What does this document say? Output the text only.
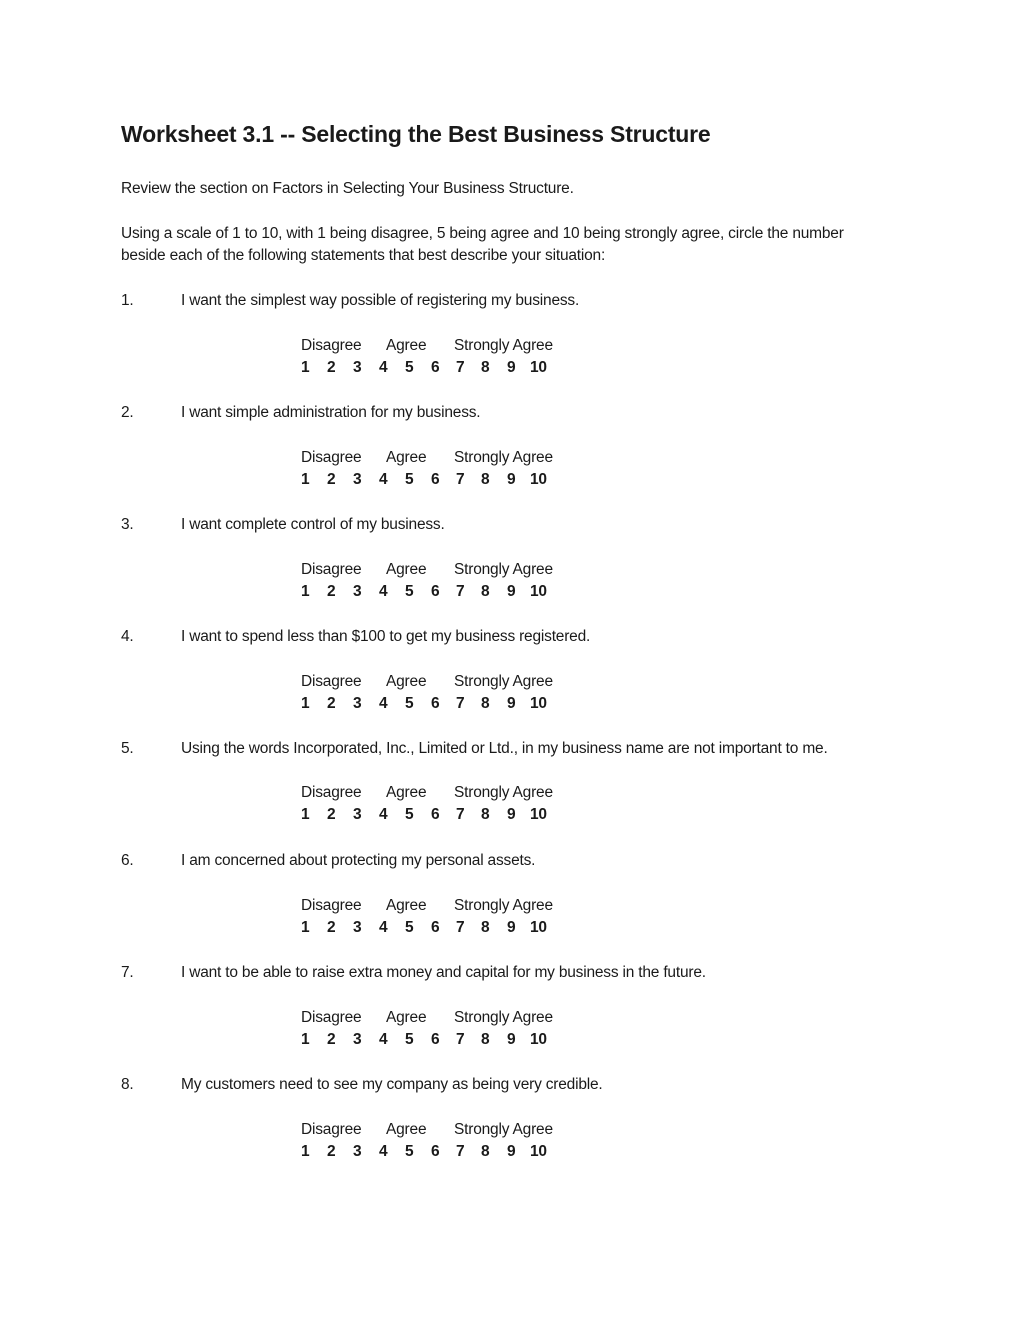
Worksheet 3.1 -- Selecting the Best Business Structure
Review the section on Factors in Selecting Your Business Structure.
Using a scale of 1 to 10, with 1 being disagree, 5 being agree and 10 being strongly agree, circle the number beside each of the following statements that best describe your situation:
1.	I want the simplest way possible of registering my business.
Disagree Agree Strongly Agree
1 2 3 4 5 6 7 8 9 10
2.	I want simple administration for my business.
Disagree Agree Strongly Agree
1 2 3 4 5 6 7 8 9 10
3.	I want complete control of my business.
Disagree Agree Strongly Agree
1 2 3 4 5 6 7 8 9 10
4.	I want to spend less than $100 to get my business registered.
Disagree Agree Strongly Agree
1 2 3 4 5 6 7 8 9 10
5.	Using the words Incorporated, Inc., Limited or Ltd., in my business name are not important to me.
Disagree Agree Strongly Agree
1 2 3 4 5 6 7 8 9 10
6.	I am concerned about protecting my personal assets.
Disagree Agree Strongly Agree
1 2 3 4 5 6 7 8 9 10
7.	I want to be able to raise extra money and capital for my business in the future.
Disagree Agree Strongly Agree
1 2 3 4 5 6 7 8 9 10
8.	My customers need to see my company as being very credible.
Disagree Agree Strongly Agree
1 2 3 4 5 6 7 8 9 10
